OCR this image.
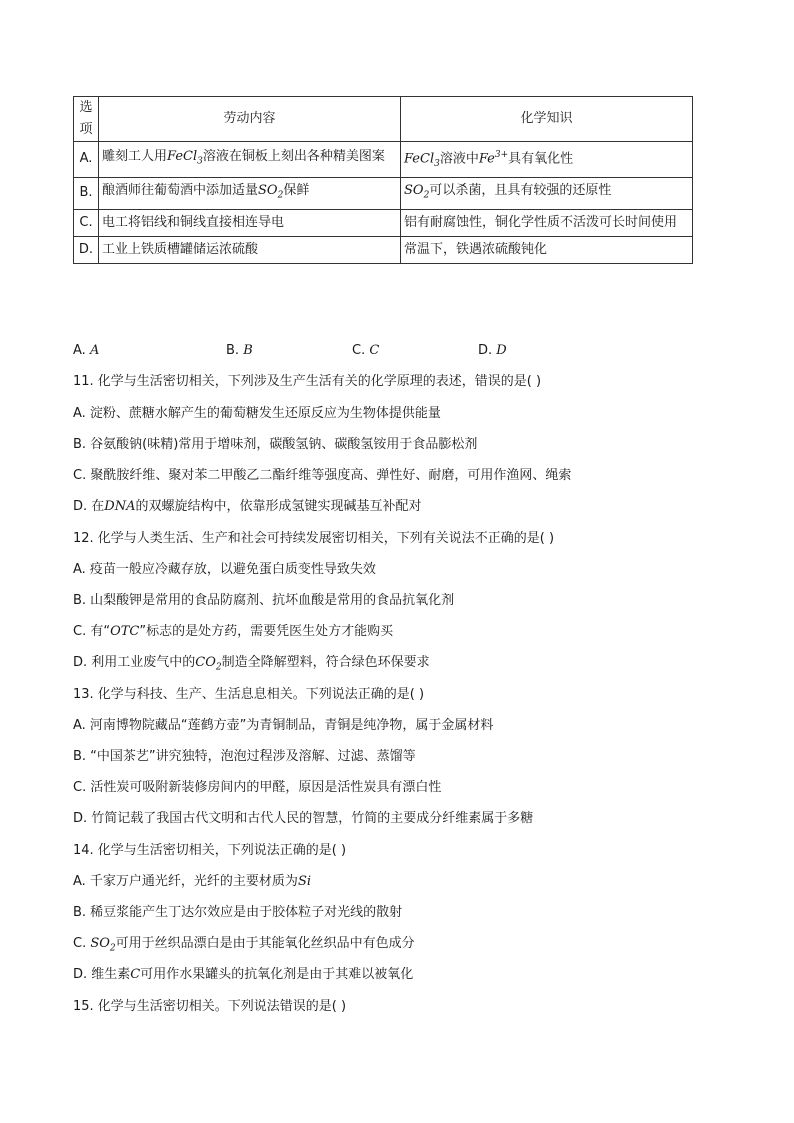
选项	劳动内容	化学知识
A.	雕刻工人用FeCl$_3$溶液在铜板上刻出各种精美图案	FeCl$_3$溶液中$Fe^{3+}$具有氧化性
B.	酿酒师往葡萄酒中添加适量$SO_2$保鲜	$SO_2$可以杀菌，且具有较强的还原性
C.	电工将铝线和铜线直接相连导电	铝有耐腐蚀性，铜化学性质不活泼可长时间使用
D.	工业上铁质槽罐储运浓硫酸	常温下，铁遇浓硫酸钝化
A. A	B. B	C. C	D. D
11. 化学与生活密切相关，下列涉及生产生活有关的化学原理的表述，错误的是( )
A. 淀粉、蔗糖水解产生的葡萄糖发生还原反应为生物体提供能量
B. 谷氨酸钠(味精)常用于增味剂，碳酸氢钠、碳酸氢铵用于食品膨松剂
C. 聚酰胺纤维、聚对苯二甲酸乙二酯纤维等强度高、弹性好、耐磨，可用作渔网、绳索
D. 在DNA的双螺旋结构中，依靠形成氢键实现碱基互补配对
12. 化学与人类生活、生产和社会可持续发展密切相关，下列有关说法不正确的是( )
A. 疫苗一般应冷藏存放，以避免蛋白质变性导致失效
B. 山梨酸钾是常用的食品防腐剂、抗坏血酸是常用的食品抗氧化剂
C. 有“OTC”标志的是处方药，需要凭医生处方才能购买
D. 利用工业废气中的$CO_2$制造全降解塑料，符合绿色环保要求
13. 化学与科技、生产、生活息息相关。下列说法正确的是( )
A. 河南博物院藏品“莲鹤方壶”为青铜制品，青铜是纯净物，属于金属材料
B. “中国茶艺”讲究独特，泡泡过程涉及溶解、过滤、蒸馏等
C. 活性炭可吸附新装修房间内的甲醛，原因是活性炭具有漂白性
D. 竹简记载了我国古代文明和古代人民的智慧，竹简的主要成分纤维素属于多糖
14. 化学与生活密切相关，下列说法正确的是( )
A. 千家万户通光纤，光纤的主要材质为Si
B. 稀豆浆能产生丁达尔效应是由于胶体粒子对光线的散射
C. $SO_2$可用于丝织品漂白是由于其能氧化丝织品中有色成分
D. 维生素C可用作水果罐头的抗氧化剂是由于其难以被氧化
15. 化学与生活密切相关。下列说法错误的是( )
